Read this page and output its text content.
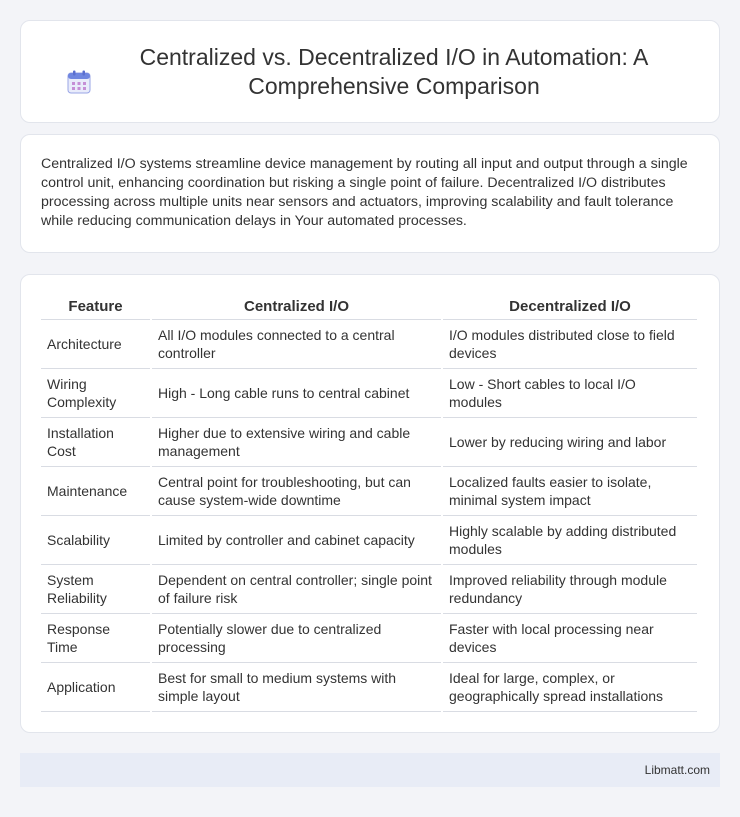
Centralized vs. Decentralized I/O in Automation: A Comprehensive Comparison

Centralized I/O systems streamline device management by routing all input and output through a single control unit, enhancing coordination but risking a single point of failure. Decentralized I/O distributes processing across multiple units near sensors and actuators, improving scalability and fault tolerance while reducing communication delays in Your automated processes.

Feature	Centralized I/O	Decentralized I/O
Architecture	All I/O modules connected to a central controller	I/O modules distributed close to field devices
Wiring Complexity	High - Long cable runs to central cabinet	Low - Short cables to local I/O modules
Installation Cost	Higher due to extensive wiring and cable management	Lower by reducing wiring and labor
Maintenance	Central point for troubleshooting, but can cause system-wide downtime	Localized faults easier to isolate, minimal system impact
Scalability	Limited by controller and cabinet capacity	Highly scalable by adding distributed modules
System Reliability	Dependent on central controller; single point of failure risk	Improved reliability through module redundancy
Response Time	Potentially slower due to centralized processing	Faster with local processing near devices
Application	Best for small to medium systems with simple layout	Ideal for large, complex, or geographically spread installations
Libmatt.com
